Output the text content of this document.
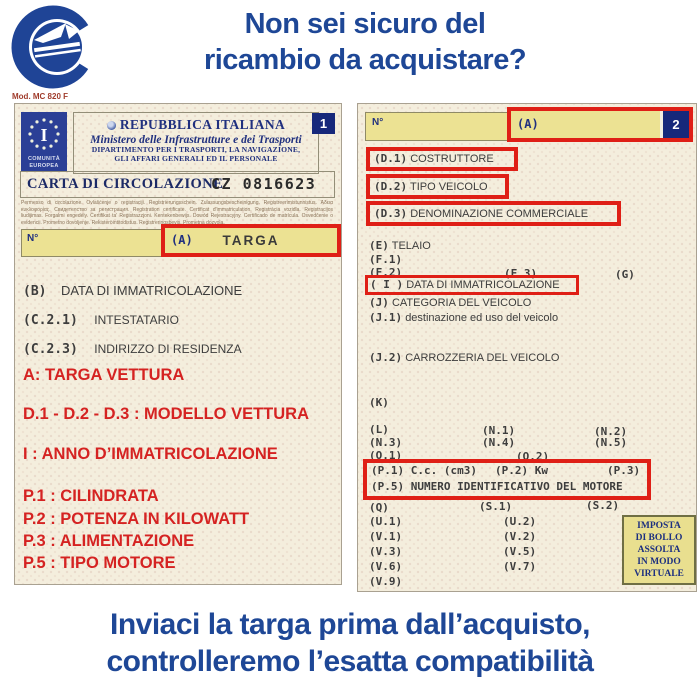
Non sei sicuro del
ricambio da acquistare?
Mod. MC 820 F
I
COMUNITÀ
EUROPEA
REPUBBLICA ITALIANA
Ministero delle Infrastrutture e dei Trasporti
DIPARTIMENTO PER I TRASPORTI, LA NAVIGAZIONE,
GLI AFFARI GENERALI ED IL PERSONALE
1
CARTA DI CIRCOLAZIONE
CZ 0816623
Permesso di circolazione. Ovlašćenje o registraciji. Registrierungsschein. Zulassungsbescheinigung. Registreerimistunnistus. Άδεια κυκλοφορίας. Свидетелство за регистрация. Registration certificate. Certificat d'immatriculation. Registrácia vozidla. Registracijos liudijimas. Forgalmi engedély. Ċertifikat ta' Reġistrazzjoni. Kentekenbewijs. Dowód Rejestracyjny. Certificado de matrícula. Osvedčenie o evidencii. Prometno dovoljenje. Rekisteröintitodistus. Registreringsbevis. Prometna dozvola.
N°	(A)	TARGA
(B) DATA DI IMMATRICOLAZIONE
(C.2.1) INTESTATARIO
(C.2.3) INDIRIZZO DI RESIDENZA
A: TARGA VETTURA
D.1 - D.2 - D.3 : MODELLO VETTURA
I : ANNO D’IMMATRICOLAZIONE
P.1 : CILINDRATA
P.2 : POTENZA IN KILOWATT
P.3 : ALIMENTAZIONE
P.5 : TIPO MOTORE
N°	(A)	2
(D.1) COSTRUTTORE
(D.2) TIPO VEICOLO
(D.3) DENOMINAZIONE COMMERCIALE
(E) TELAIO
(F.1)
(F.2)	(F.3)	(G)
( I ) DATA DI IMMATRICOLAZIONE
(J) CATEGORIA DEL VEICOLO
(J.1) destinazione ed uso del veicolo
(J.2) CARROZZERIA DEL VEICOLO
(K)
(L)	(N.1)	(N.2)
(N.3)	(N.4)	(N.5)
(O.1)	(O.2)
(P.1) C.c. (cm3) (P.2) Kw	(P.3)
(P.5) NUMERO IDENTIFICATIVO DEL MOTORE
(Q)	(S.1)	(S.2)
(U.1)	(U.2)
(V.1)	(V.2)
(V.3)	(V.5)
(V.6)	(V.7)
(V.9)
IMPOSTA
DI BOLLO
ASSOLTA
IN MODO
VIRTUALE
Inviaci la targa prima dall’acquisto,
controlleremo l’esatta compatibilità
